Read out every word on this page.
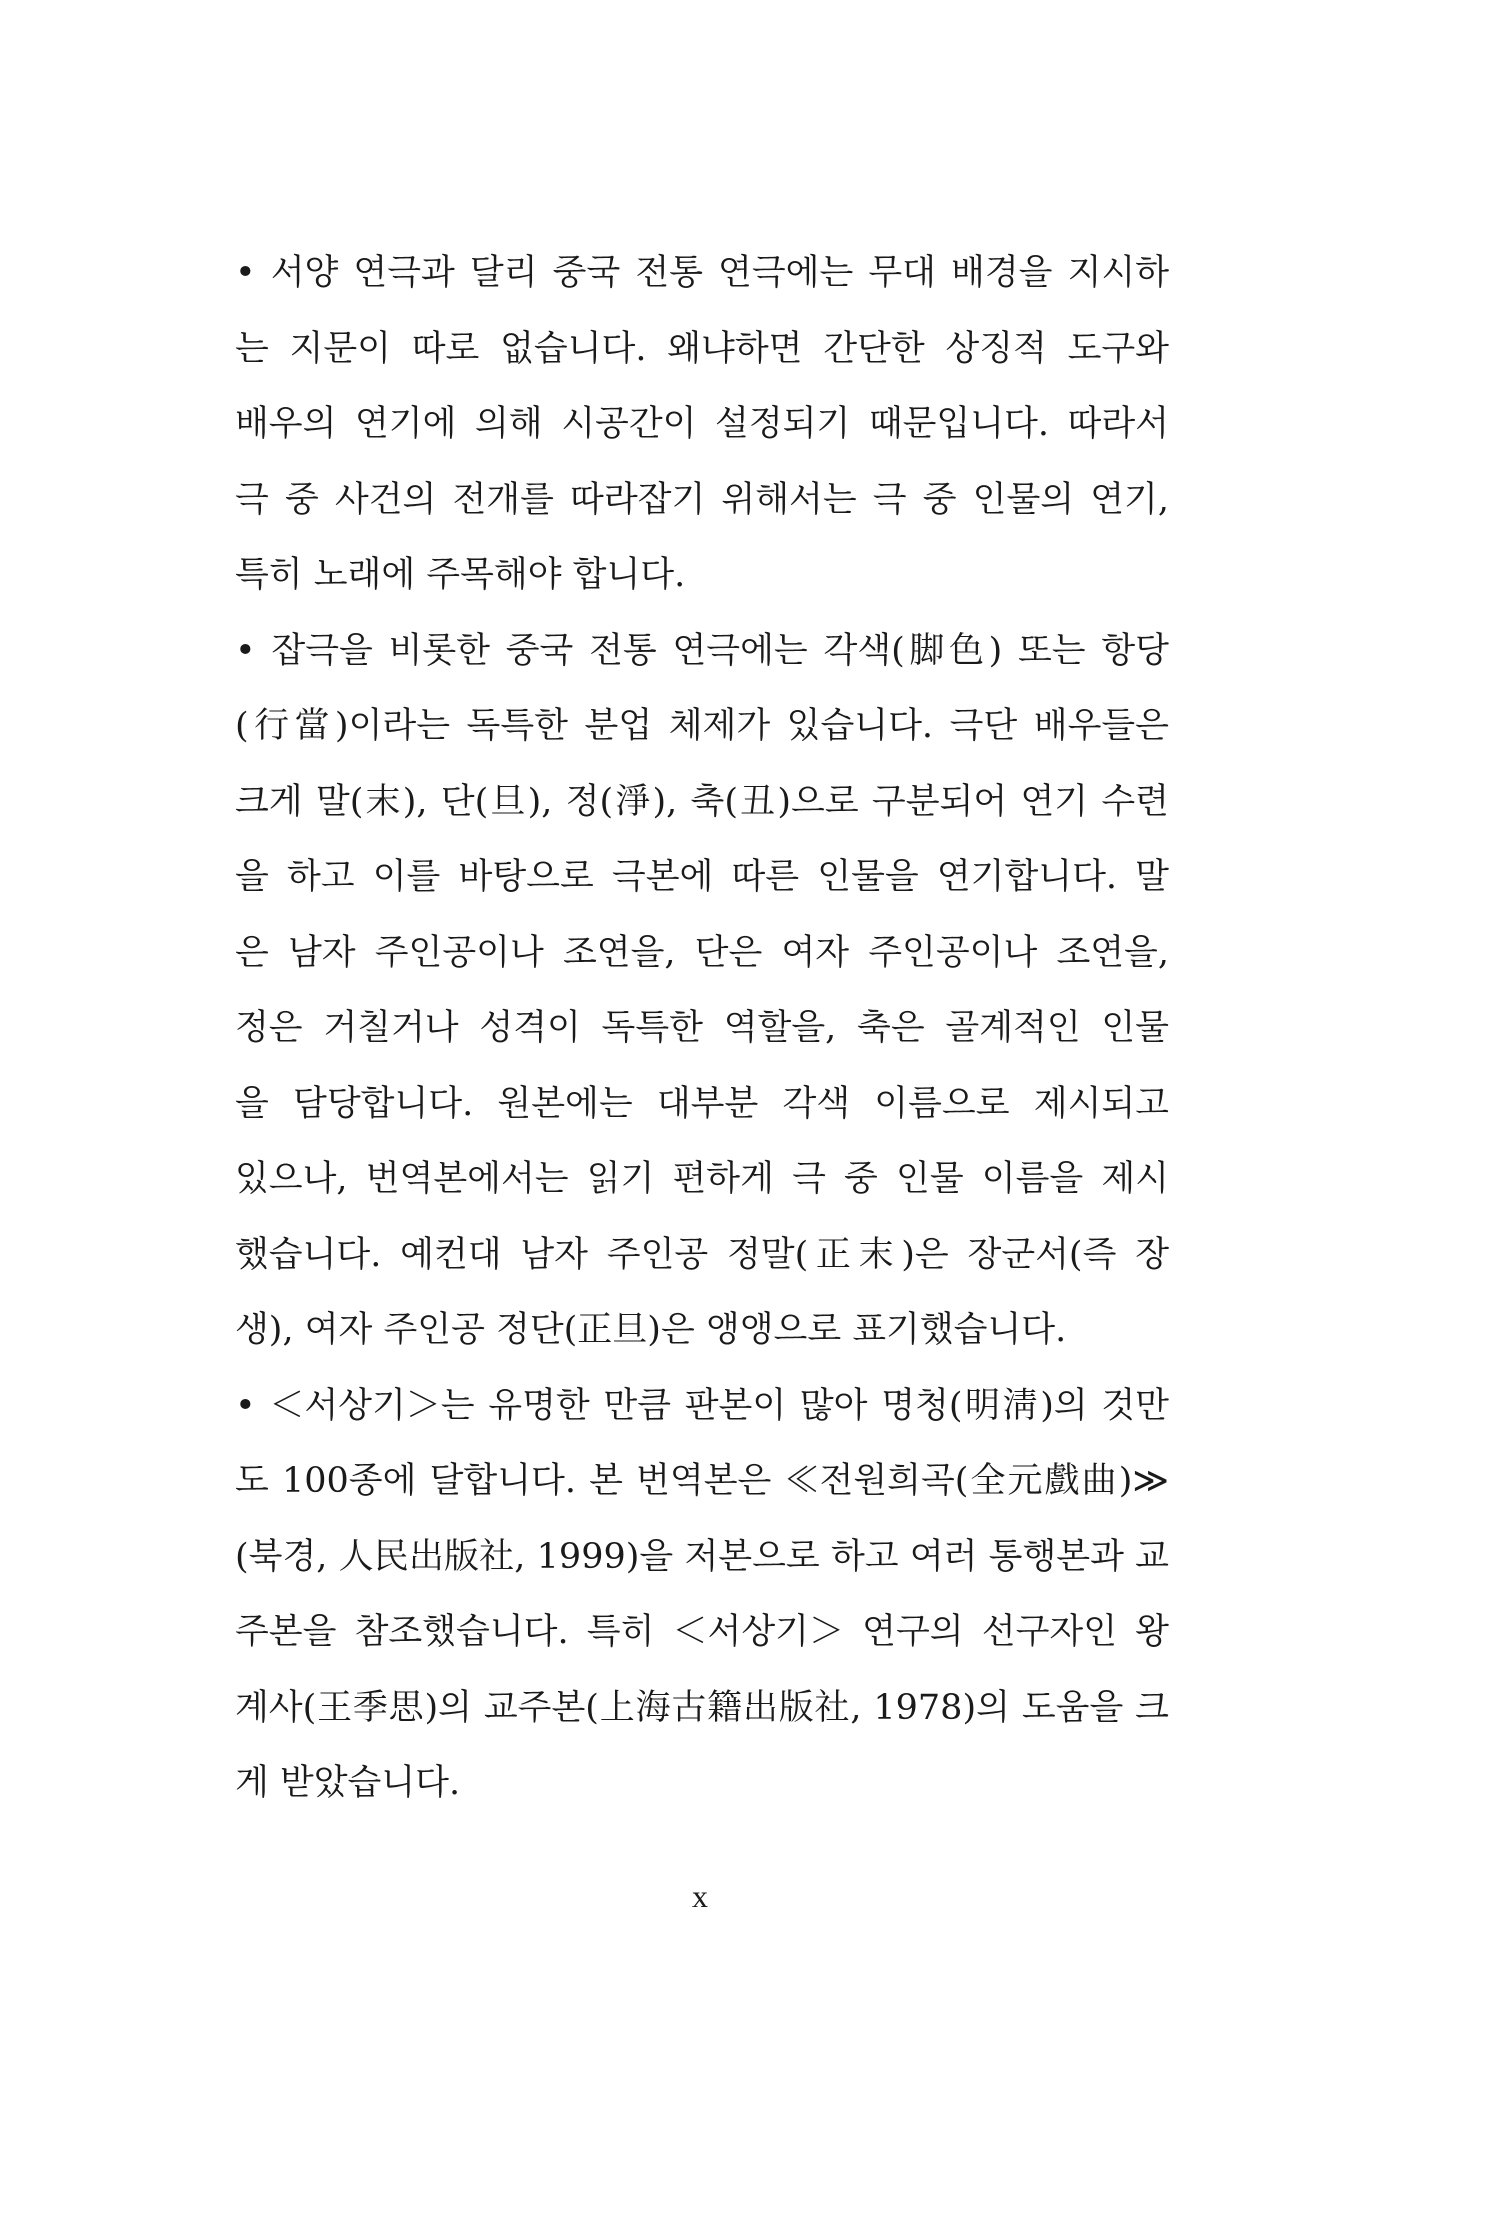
• 서양 연극과 달리 중국 전통 연극에는 무대 배경을 지시하
는 지문이 따로 없습니다. 왜냐하면 간단한 상징적 도구와
배우의 연기에 의해 시공간이 설정되기 때문입니다. 따라서
극 중 사건의 전개를 따라잡기 위해서는 극 중 인물의 연기,
특히 노래에 주목해야 합니다.
• 잡극을 비롯한 중국 전통 연극에는 각색(脚色) 또는 항당
(行當)이라는 독특한 분업 체제가 있습니다. 극단 배우들은
크게 말(末), 단(旦), 정(淨), 축(丑)으로 구분되어 연기 수련
을 하고 이를 바탕으로 극본에 따른 인물을 연기합니다. 말
은 남자 주인공이나 조연을, 단은 여자 주인공이나 조연을,
정은 거칠거나 성격이 독특한 역할을, 축은 골계적인 인물
을 담당합니다. 원본에는 대부분 각색 이름으로 제시되고
있으나, 번역본에서는 읽기 편하게 극 중 인물 이름을 제시
했습니다. 예컨대 남자 주인공 정말(正末)은 장군서(즉 장
생), 여자 주인공 정단(正旦)은 앵앵으로 표기했습니다.
• ＜서상기＞는 유명한 만큼 판본이 많아 명청(明淸)의 것만
도 100종에 달합니다. 본 번역본은 ≪전원희곡(全元戲曲)≫
(북경, 人民出版社, 1999)을 저본으로 하고 여러 통행본과 교
주본을 참조했습니다. 특히 ＜서상기＞ 연구의 선구자인 왕
계사(王季思)의 교주본(上海古籍出版社, 1978)의 도움을 크
게 받았습니다.
x
